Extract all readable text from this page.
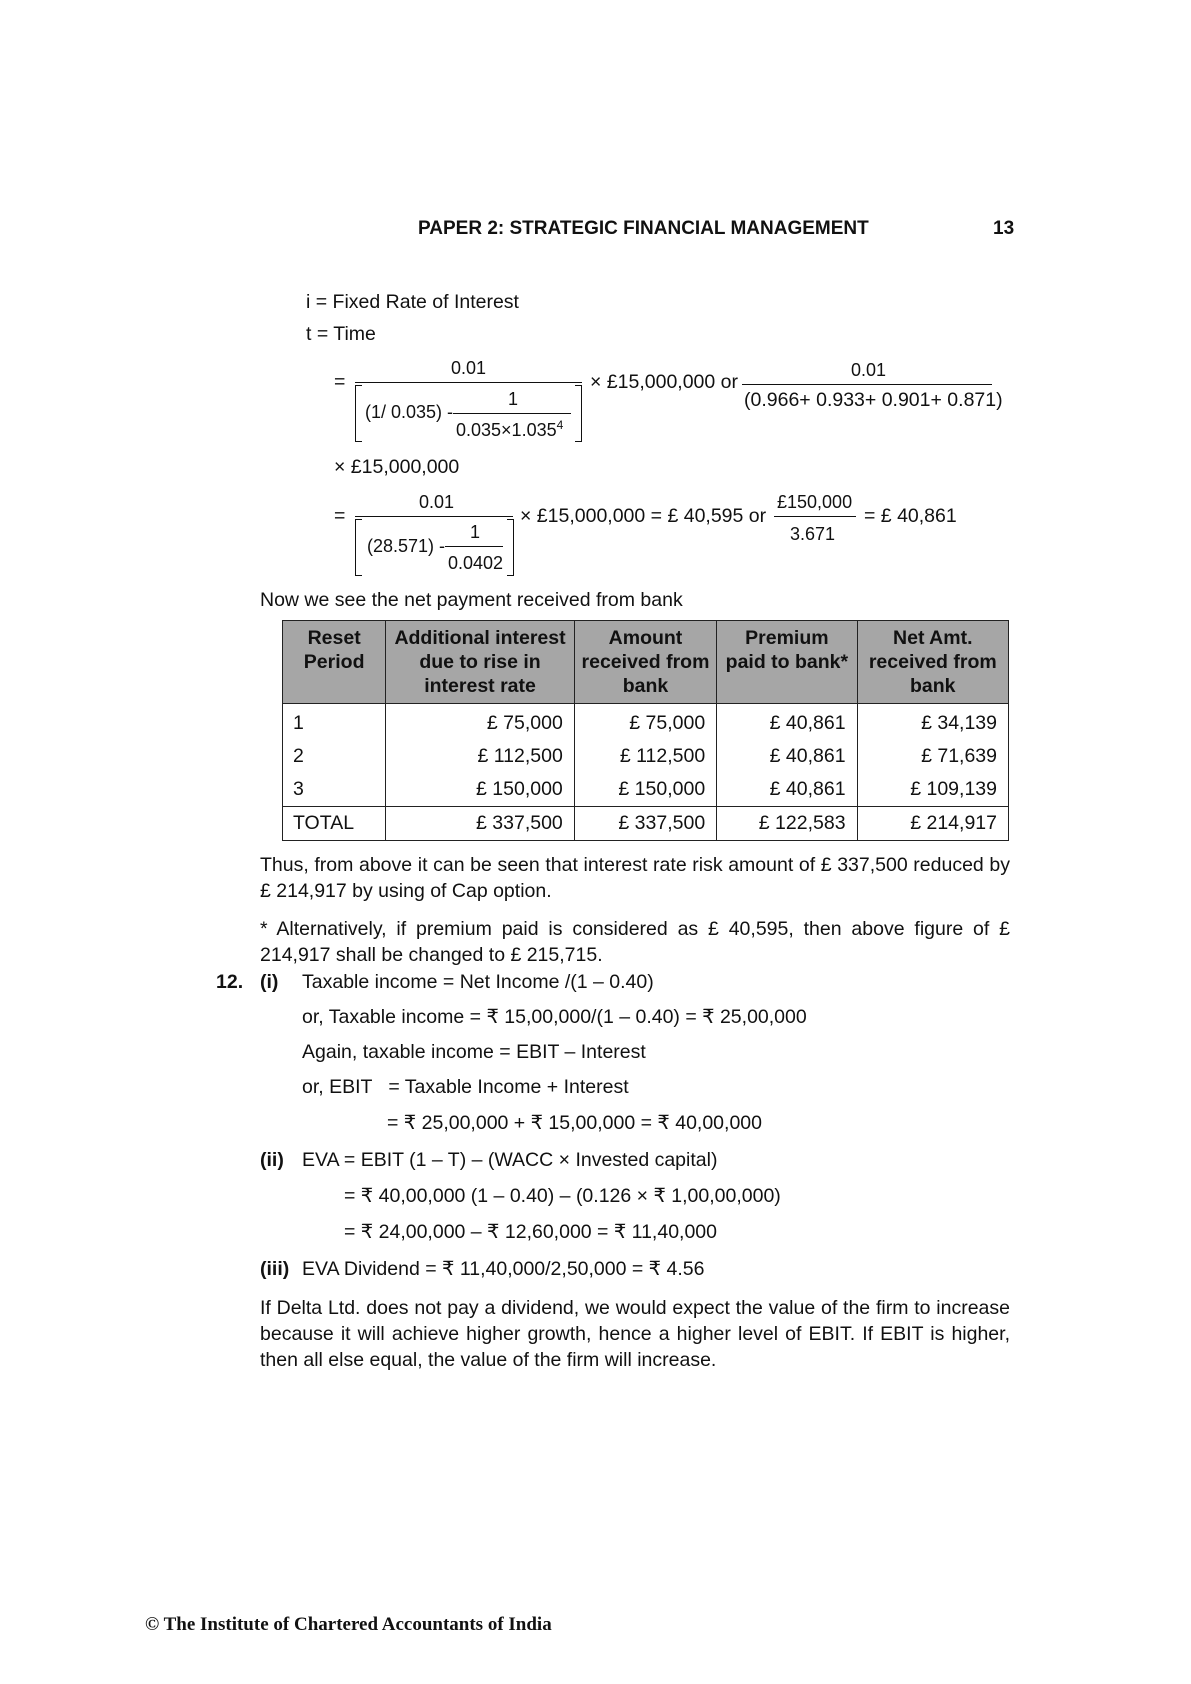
PAPER 2: STRATEGIC FINANCIAL MANAGEMENT	13
i = Fixed Rate of Interest
t = Time
=
0.01
(1/ 0.035) -
1
$0.035\times 1.035^4$
× £15,000,000 or
0.01
(0.966+ 0.933+ 0.901+ 0.871)
× £15,000,000
=
0.01
(28.571) -
1
0.0402
× £15,000,000 = £ 40,595 or
£150,000
3.671
= £ 40,861
Now we see the net payment received from bank
Reset Period	Additional interest due to rise in interest rate	Amount received from bank	Premium paid to bank*	Net Amt. received from bank
1	£ 75,000	£ 75,000	£ 40,861	£ 34,139
2	£ 112,500	£ 112,500	£ 40,861	£ 71,639
3	£ 150,000	£ 150,000	£ 40,861	£ 109,139
TOTAL	£ 337,500	£ 337,500	£ 122,583	£ 214,917
Thus, from above it can be seen that interest rate risk amount of £ 337,500 reduced by £ 214,917 by using of Cap option.
* Alternatively, if premium paid is considered as £ 40,595, then above figure of £ 214,917 shall be changed to £ 215,715.
12. (i) Taxable income = Net Income /(1 – 0.40)
or, Taxable income = ₹ 15,00,000/(1 – 0.40) = ₹ 25,00,000
Again, taxable income = EBIT – Interest
or, EBIT   = Taxable Income + Interest
= ₹ 25,00,000 + ₹ 15,00,000 = ₹ 40,00,000
(ii) EVA = EBIT (1 – T) – (WACC × Invested capital)
= ₹ 40,00,000 (1 – 0.40) – (0.126 × ₹ 1,00,00,000)
= ₹ 24,00,000 – ₹ 12,60,000 = ₹ 11,40,000
(iii) EVA Dividend = ₹ 11,40,000/2,50,000 = ₹ 4.56
If Delta Ltd. does not pay a dividend, we would expect the value of the firm to increase because it will achieve higher growth, hence a higher level of EBIT. If EBIT is higher, then all else equal, the value of the firm will increase.
© The Institute of Chartered Accountants of India
